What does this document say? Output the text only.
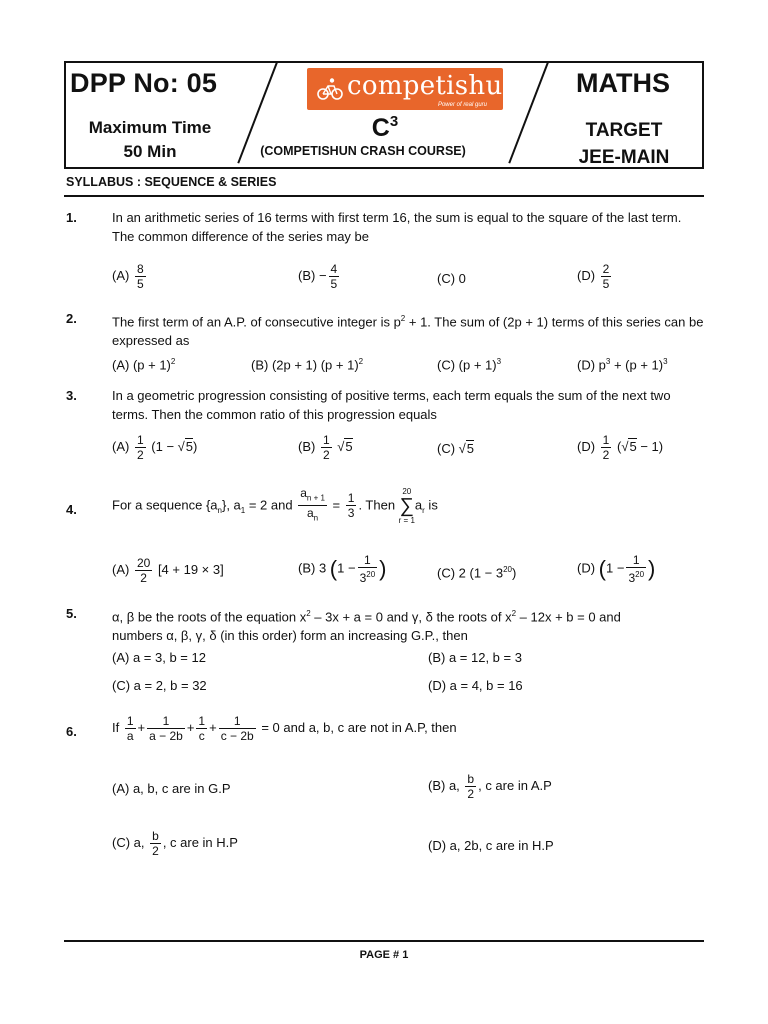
DPP No: 05
Maximum Time
50 Min
competishun
Power of real guru
$C^3$
(COMPETISHUN CRASH COURSE)
MATHS
TARGET
JEE-MAIN
SYLLABUS : SEQUENCE & SERIES
1.	In an arithmetic series of 16 terms with first term 16, the sum is equal to the square of the last term. The common difference of the series may be
$(A) \frac{8}{5}$	$(B) - \frac{4}{5}$	(C) 0	$(D) \frac{2}{5}$
2.	The first term of an A.P. of consecutive integer is $p^2 + 1$. The sum of (2p + 1) terms of this series can be expressed as
(A) $(p + 1)^2$	(B) (2p + 1) $(p + 1)^2$	(C) $(p + 1)^3$	(D) $p^3 + (p + 1)^3$
3.	In a geometric progression consisting of positive terms, each term equals the sum of the next two terms. Then the common ratio of this progression equals
$(A) \frac{1}{2} (1 - √5)$	$(B) \frac{1}{2} √5$	(C) √5	$(D) \frac{1}{2} (√5 - 1)$
4.	For a sequence $\{a_n\}$, $a_1 = 2$ and $\frac{a_{n + 1}}{a_n} = \frac{1}{3}$ . Then 20
∑
$r = 1a_r$ is
$(A) \frac{20}{2} [4 + 19 \times 3]$	(B) 3 ($1 - \frac{1}{3^{20}}$ )	(C) 2 $(1 - 3^{20})$	(D) ($1 - \frac{1}{3^{20}}$ )
5.	α, β be the roots of the equation $x^2 - 3x + a = 0$ and γ, δ the roots of $x^2 - 12x + b = 0$ and
numbers α, β, γ, δ (in this order) form an increasing G.P., then
(A) a = 3, b = 12	(B) a = 12, b = 3
(C) a = 2, b = 32	(D) a = 4, b = 16
6.	If $\frac{1}{a} + \frac{1}{a - 2b} + \frac{1}{c} + \frac{1}{c - 2b} = 0$ and a, b, c are not in A.P, then
(A) a, b, c are in G.P	(B) a, $\frac{b}{2}$ , c are in A.P
(C) a, $\frac{b}{2}$ , c are in H.P	(D) a, 2b, c are in H.P
PAGE # 1
